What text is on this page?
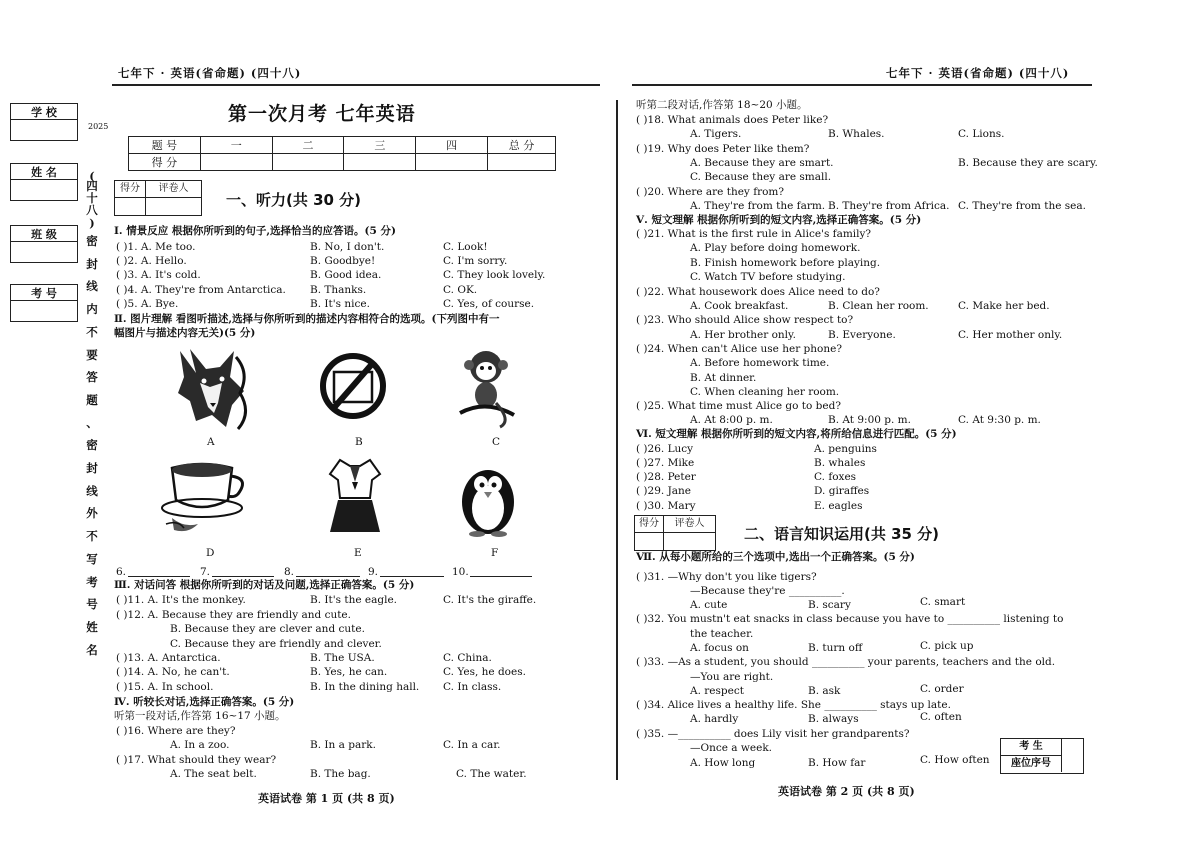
七年下 · 英语(省命题) (四十八)
学 校
姓 名
班 级
考 号
2025
(
四
十
八
)
密
封
线
内
不
要
答
题
、
密
封
线
外
不
写
考
号
姓
名
第一次月考 七年英语
题 号	一	二	三	四	总 分
得 分					
得分	评卷人
一、听力(共 30 分)
Ⅰ. 情景反应 根据你所听到的句子,选择恰当的应答语。(5 分)
( )1. A. Me too.	B. No, I don't.	C. Look!
( )2. A. Hello.	B. Goodbye!	C. I'm sorry.
( )3. A. It's cold.	B. Good idea.	C. They look lovely.
( )4. A. They're from Antarctica. B. Thanks.	C. OK.
( )5. A. Bye.	B. It's nice.	C. Yes, of course.
Ⅱ. 图片理解 看图听描述,选择与你所听到的描述内容相符合的选项。(下列图中有一
幅图片与描述内容无关)(5 分)
A	B	C
D	E	F
6.	7.	8.	9.	10.
Ⅲ. 对话问答 根据你所听到的对话及问题,选择正确答案。(5 分)
( )11. A. It's the monkey.	B. It's the eagle.	C. It's the giraffe.
( )12. A. Because they are friendly and cute.
B. Because they are clever and cute.
C. Because they are friendly and clever.
( )13. A. Antarctica.	B. The USA.	C. China.
( )14. A. No, he can't.	B. Yes, he can.	C. Yes, he does.
( )15. A. In school.	B. In the dining hall. C. In class.
Ⅳ. 听较长对话,选择正确答案。(5 分)
听第一段对话,作答第 16~17 小题。
( )16. Where are they?
A. In a zoo.	B. In a park.	C. In a car.
( )17. What should they wear?
A. The seat belt.	B. The bag.	C. The water.
英语试卷 第 1 页 (共 8 页)
七年下 · 英语(省命题) (四十八)
听第二段对话,作答第 18~20 小题。
( )18. What animals does Peter like?
A. Tigers.	B. Whales.	C. Lions.
( )19. Why does Peter like them?
A. Because they are smart.	B. Because they are scary.
C. Because they are small.
( )20. Where are they from?
A. They're from the farm. B. They're from Africa. C. They're from the sea.
Ⅴ. 短文理解 根据你所听到的短文内容,选择正确答案。(5 分)
( )21. What is the first rule in Alice's family?
A. Play before doing homework.
B. Finish homework before playing.
C. Watch TV before studying.
( )22. What housework does Alice need to do?
A. Cook breakfast.	B. Clean her room.	C. Make her bed.
( )23. Who should Alice show respect to?
A. Her brother only.	B. Everyone.	C. Her mother only.
( )24. When can't Alice use her phone?
A. Before homework time.
B. At dinner.
C. When cleaning her room.
( )25. What time must Alice go to bed?
A. At 8:00 p. m.	B. At 9:00 p. m.	C. At 9:30 p. m.
Ⅵ. 短文理解 根据你所听到的短文内容,将所给信息进行匹配。(5 分)
( )26. Lucy	A. penguins
( )27. Mike	B. whales
( )28. Peter	C. foxes
( )29. Jane	D. giraffes
( )30. Mary	E. eagles
得分	评卷人
二、语言知识运用(共 35 分)
Ⅶ. 从每小题所给的三个选项中,选出一个正确答案。(5 分)
( )31. —Why don't you like tigers?
—Because they're __________.
A. cute	B. scary	C. smart
( )32. You mustn't eat snacks in class because you have to __________ listening to
the teacher.
A. focus on	B. turn off	C. pick up
( )33. —As a student, you should __________ your parents, teachers and the old.
—You are right.
A. respect	B. ask	C. order
( )34. Alice lives a healthy life. She __________ stays up late.
A. hardly	B. always	C. often
( )35. —__________ does Lily visit her grandparents?
—Once a week.
A. How long	B. How far	C. How often
考 生
座位序号
英语试卷 第 2 页 (共 8 页)
